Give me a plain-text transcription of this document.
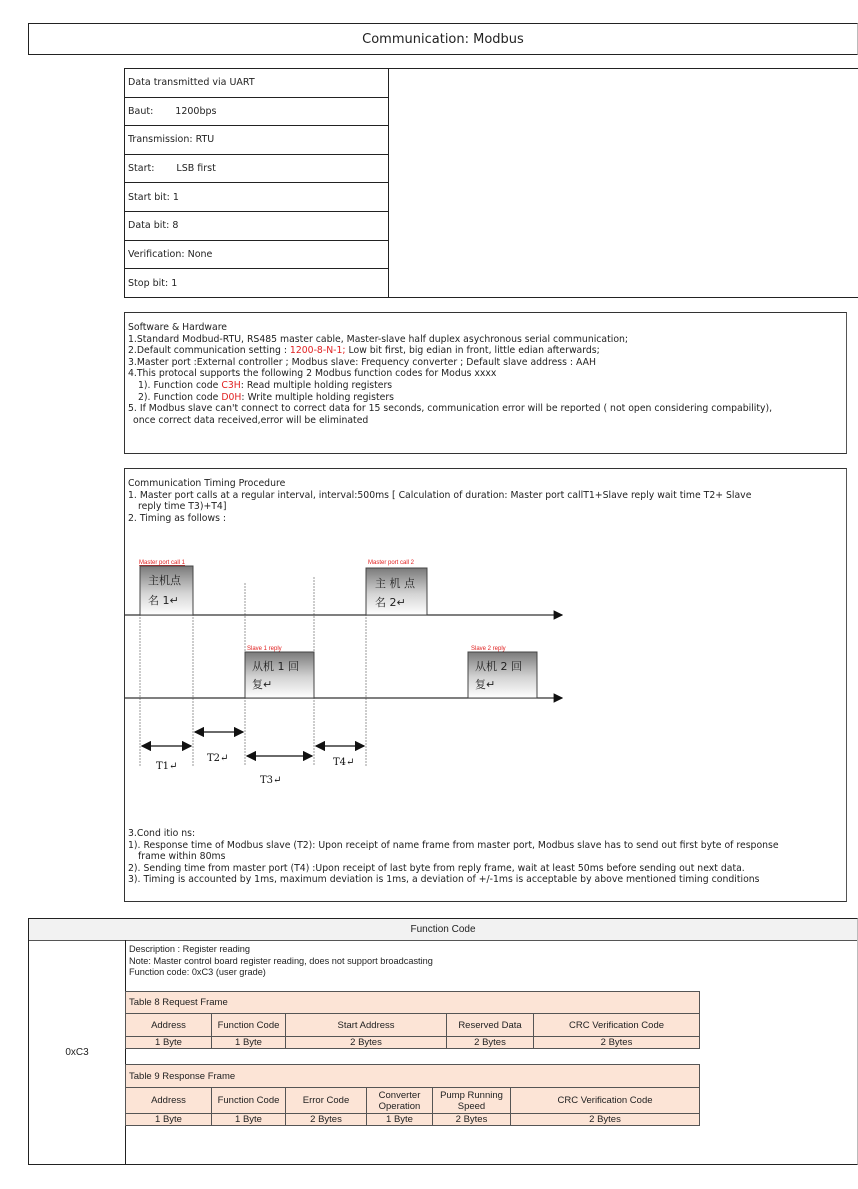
Communication: Modbus
Data transmitted via UART
Baut: 1200bps
Transmission: RTU
Start: LSB first
Start bit: 1
Data bit: 8
Verification: None
Stop bit: 1
Software & Hardware
1.Standard Modbud-RTU, RS485 master cable, Master-slave half duplex asychronous serial communication;
2.Default communication setting : 1200-8-N-1; Low bit first, big edian in front, little edian afterwards;
3.Master port :External controller ; Modbus slave: Frequency converter ; Default slave address : AAH
4.This protocal supports the following 2 Modbus function codes for Modus xxxx
1). Function code C3H: Read multiple holding registers
2). Function code D0H: Write multiple holding registers
5. If Modbus slave can't connect to correct data for 15 seconds, communication error will be reported ( not open considering compability),
once correct data received,error will be eliminated
Communication Timing Procedure
1. Master port calls at a regular interval, interval:500ms [ Calculation of duration: Master port callT1+Slave reply wait time T2+ Slave
reply time T3)+T4]
2. Timing as follows :
Master port call 1
主机点
名 1↵
Master port call 2
主 机 点
名 2↵
Slave 1 reply
从机 1 回
复↵
Slave 2 reply
从机 2 回
复↵
T1↵
T2↵	T4↵
T3↵
3.Cond itio ns:
1). Response time of Modbus slave (T2): Upon receipt of name frame from master port, Modbus slave has to send out first byte of response
frame within 80ms
2). Sending time from master port (T4) :Upon receipt of last byte from reply frame, wait at least 50ms before sending out next data.
3). Timing is accounted by 1ms, maximum deviation is 1ms, a deviation of +/-1ms is acceptable by above mentioned timing conditions
Function Code
0xC3
Description : Register reading
Note: Master control board register reading, does not support broadcasting
Function code: 0xC3 (user grade)
Table 8 Request Frame				
Address	Function Code	Start Address	Reserved Data	CRC Verification Code
1 Byte	1 Byte	2 Bytes	2 Bytes	2 Bytes
Table 9 Response Frame					
Address	Function Code	Error Code	Converter Operation	Pump Running Speed	CRC Verification Code
1 Byte	1 Byte	2 Bytes	1 Byte	2 Bytes	2 Bytes
